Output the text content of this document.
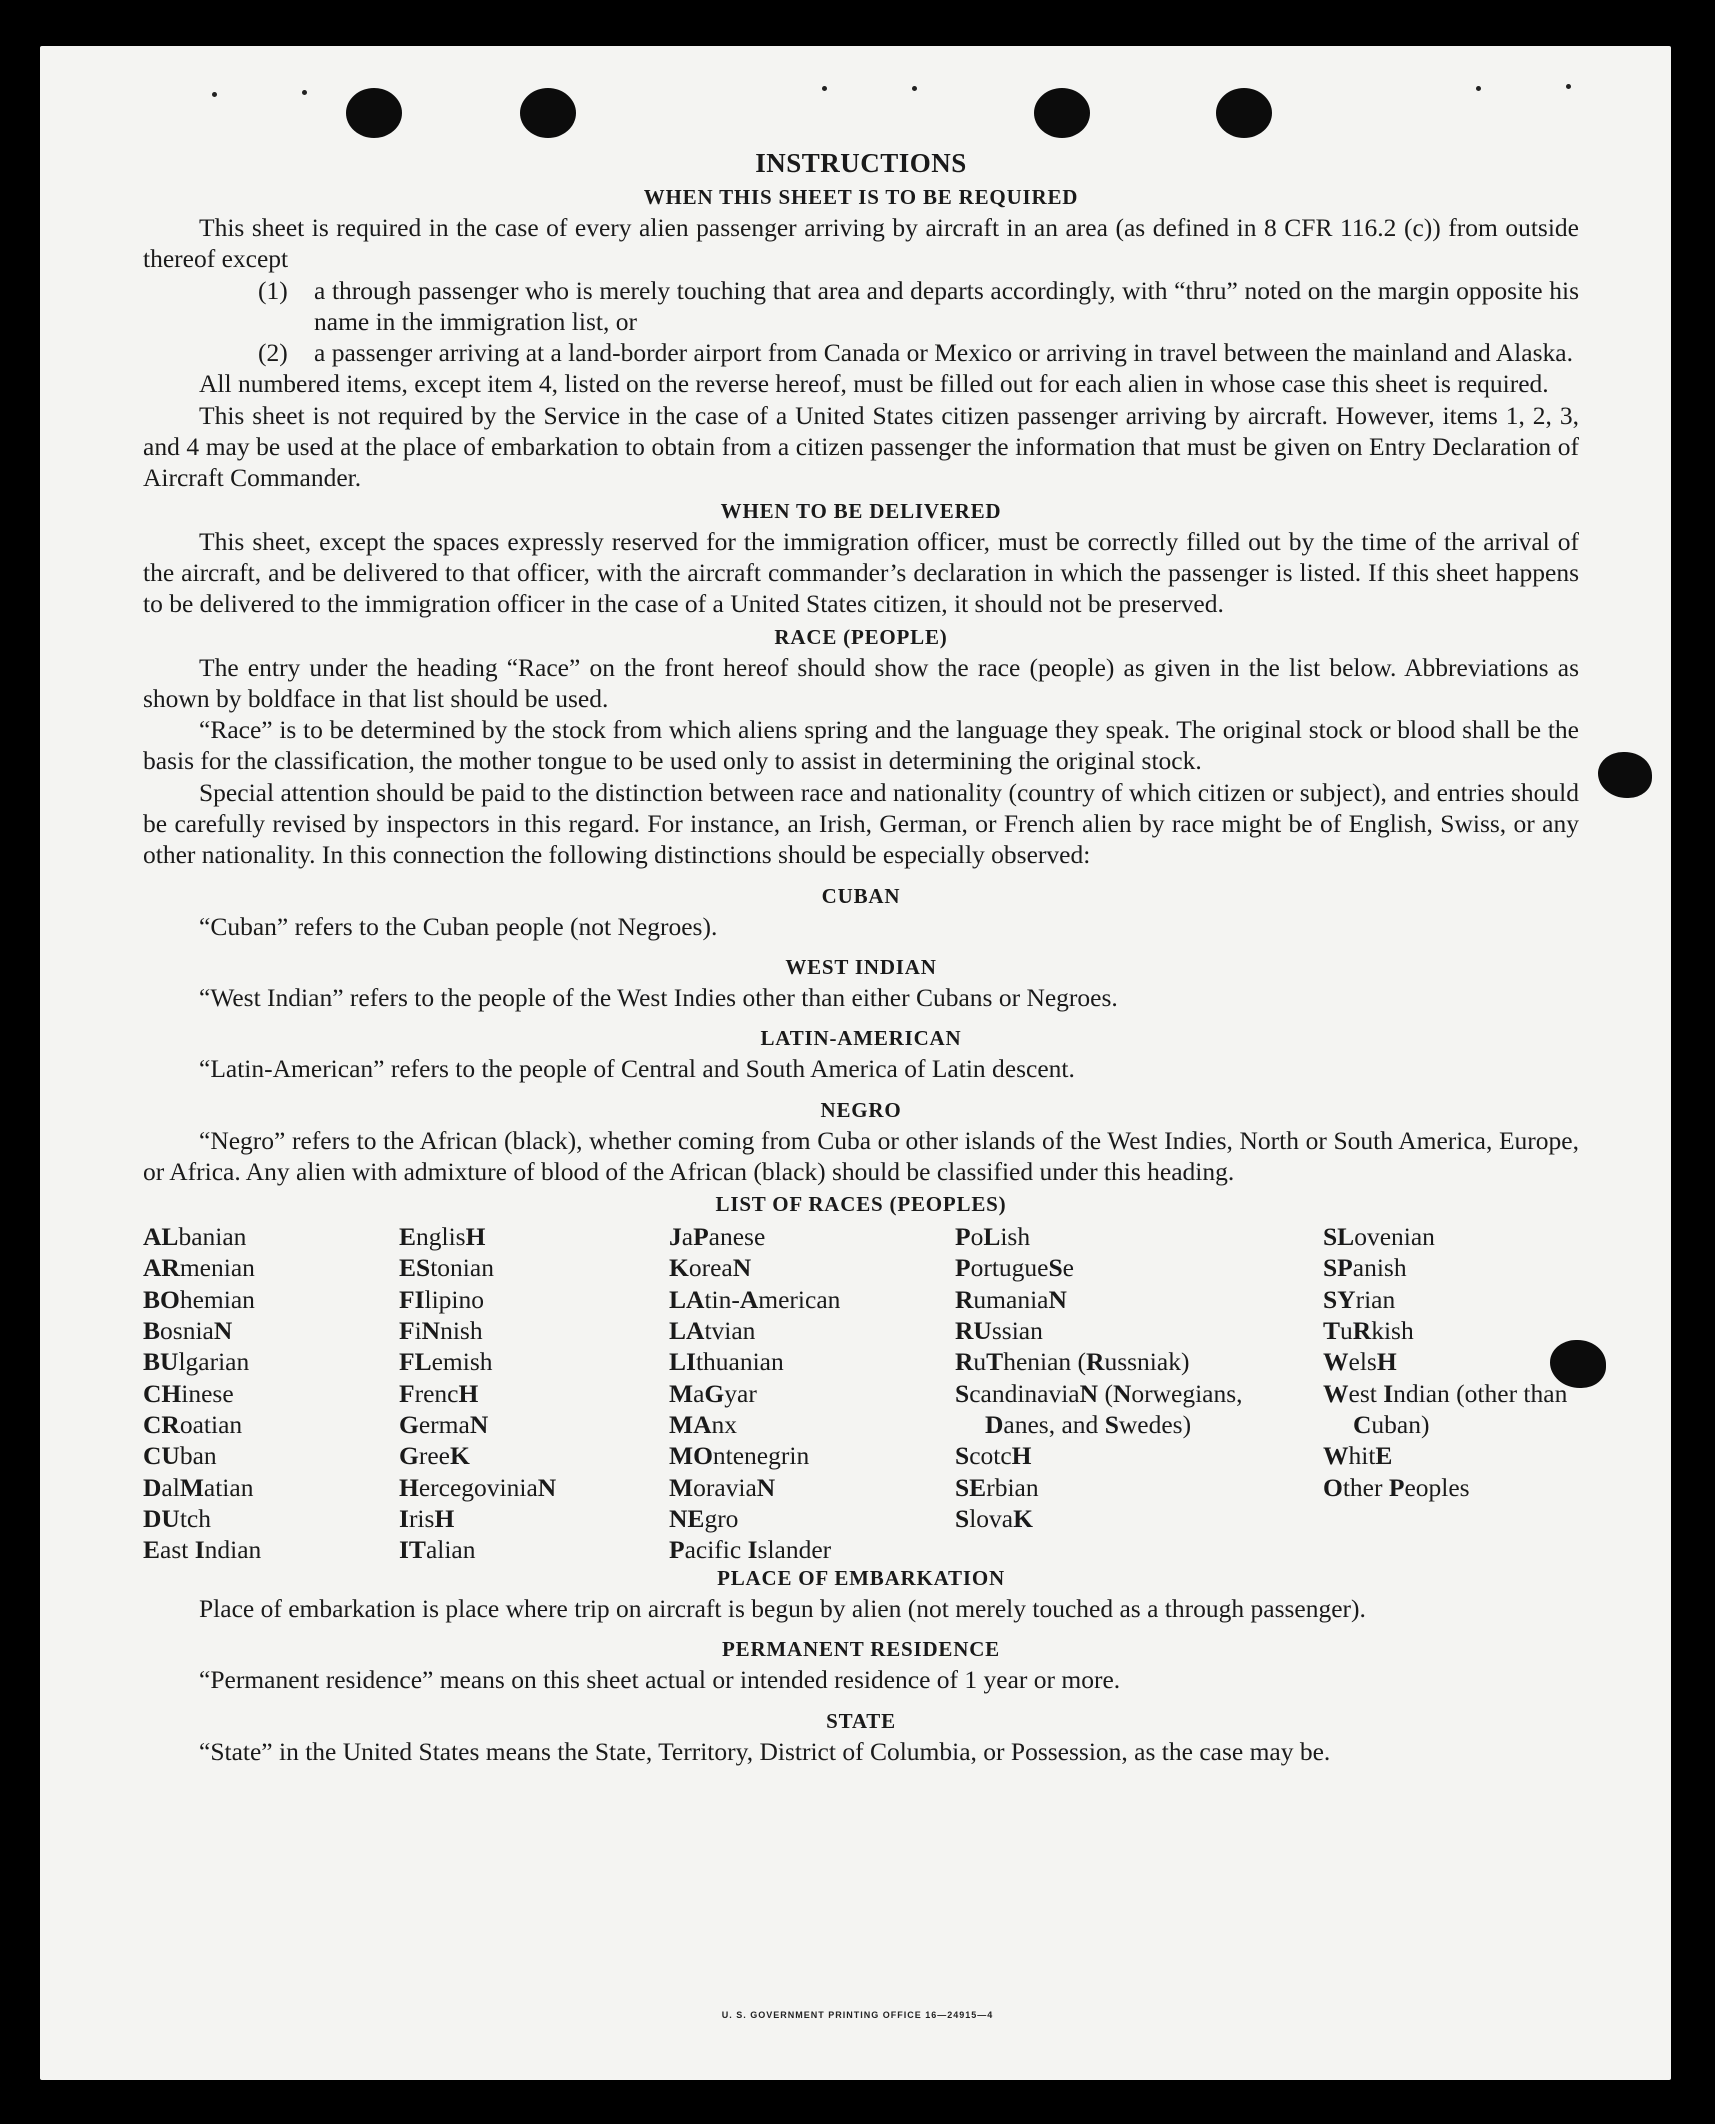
INSTRUCTIONS
WHEN THIS SHEET IS TO BE REQUIRED

This sheet is required in the case of every alien passenger arriving by aircraft in an area (as defined in 8 CFR 116.2 (c)) from outside thereof except

(1)	a through passenger who is merely touching that area and departs accordingly, with “thru” noted on the margin opposite his name in the immigration list, or
(2)	a passenger arriving at a land-border airport from Canada or Mexico or arriving in travel between the mainland and Alaska.

All numbered items, except item 4, listed on the reverse hereof, must be filled out for each alien in whose case this sheet is required.

This sheet is not required by the Service in the case of a United States citizen passenger arriving by aircraft. However, items 1, 2, 3, and 4 may be used at the place of embarkation to obtain from a citizen passenger the information that must be given on Entry Declaration of Aircraft Commander.

WHEN TO BE DELIVERED

This sheet, except the spaces expressly reserved for the immigration officer, must be correctly filled out by the time of the arrival of the aircraft, and be delivered to that officer, with the aircraft commander’s declaration in which the passenger is listed. If this sheet happens to be delivered to the immigration officer in the case of a United States citizen, it should not be preserved.

RACE (PEOPLE)

The entry under the heading “Race” on the front hereof should show the race (people) as given in the list below. Abbreviations as shown by boldface in that list should be used.

“Race” is to be determined by the stock from which aliens spring and the language they speak. The original stock or blood shall be the basis for the classification, the mother tongue to be used only to assist in determining the original stock.

Special attention should be paid to the distinction between race and nationality (country of which citizen or subject), and entries should be carefully revised by inspectors in this regard. For instance, an Irish, German, or French alien by race might be of English, Swiss, or any other nationality. In this connection the following distinctions should be especially observed:

CUBAN

“Cuban” refers to the Cuban people (not Negroes).

WEST INDIAN

“West Indian” refers to the people of the West Indies other than either Cubans or Negroes.

LATIN-AMERICAN

“Latin-American” refers to the people of Central and South America of Latin descent.

NEGRO

“Negro” refers to the African (black), whether coming from Cuba or other islands of the West Indies, North or South America, Europe, or Africa. Any alien with admixture of blood of the African (black) should be classified under this heading.

LIST OF RACES (PEOPLES)
ALbanian
ARmenian
BOhemian
BosniaN
BUlgarian
CHinese
CRoatian
CUban
DalMatian
DUtch
East Indian
EnglisH
EStonian
FIlipino
FiNnish
FLemish
FrencH
GermaN
GreeK
HercegoviniaN
IrisH
ITalian
JaPanese
KoreaN
LAtin-American
LAtvian
LIthuanian
MaGyar
MAnx
MOntenegrin
MoraviaN
NEgro
Pacific Islander
PoLish
PortugueSe
RumaniaN
RUssian
RuThenian (Russniak)
ScandinaviaN (Norwegians, Danes, and Swedes)
ScotcH
SErbian
SlovaK
SLovenian
SPanish
SYrian
TuRkish
WelsH
West Indian (other than Cuban)
WhitE
Other Peoples
PLACE OF EMBARKATION

Place of embarkation is place where trip on aircraft is begun by alien (not merely touched as a through passenger).

PERMANENT RESIDENCE

“Permanent residence” means on this sheet actual or intended residence of 1 year or more.

STATE

“State” in the United States means the State, Territory, District of Columbia, or Possession, as the case may be.

U. S. GOVERNMENT PRINTING OFFICE 16—24915—4
